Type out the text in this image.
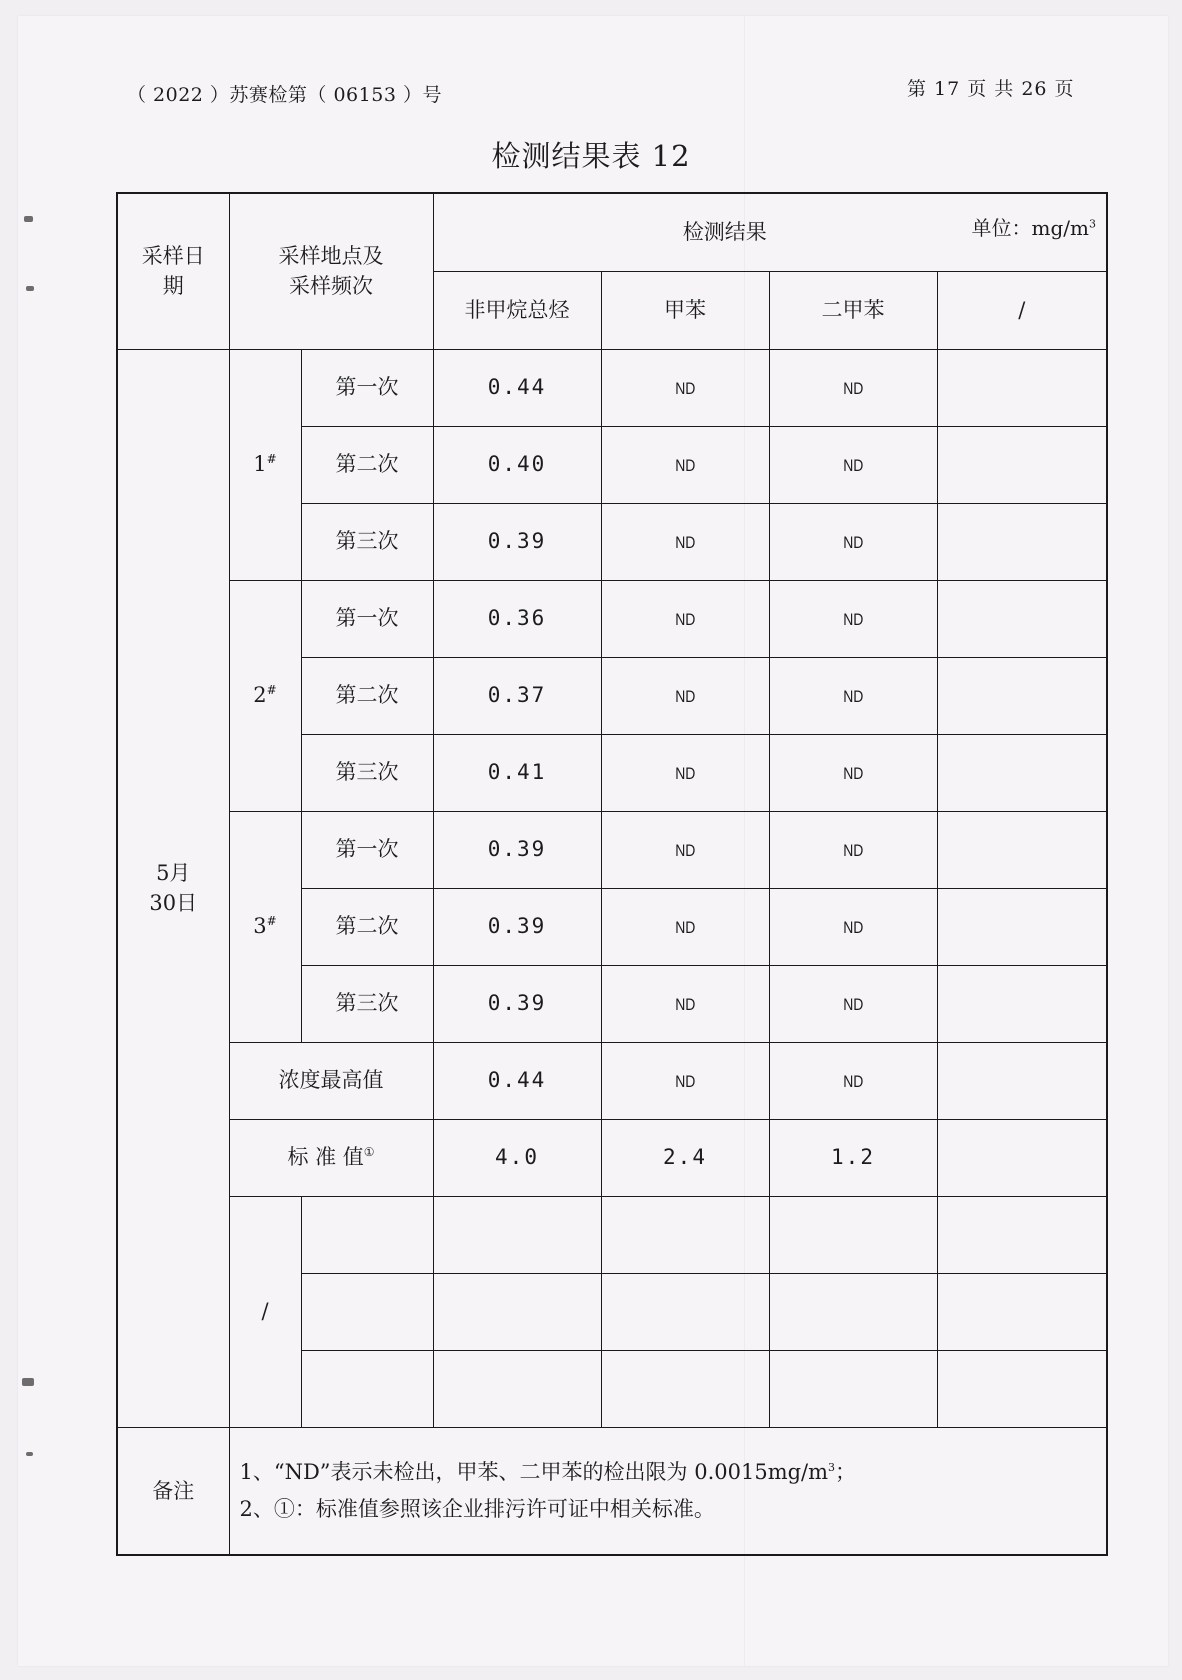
（ 2022 ）苏赛检第（ 06153 ）号	第 17 页 共 26 页
检测结果表 12
采样日期	采样地点及采样频次		检测结果 单位：$mg/m^3$

			非甲烷总烃	甲苯	二甲苯	/
5月30日	1#	第一次	0.44	ND	ND	
		第二次	0.40	ND	ND	
		第三次	0.39	ND	ND	
	2#	第一次	0.36	ND	ND	
		第二次	0.37	ND	ND	
		第三次	0.41	ND	ND	
	3#	第一次	0.39	ND	ND	
		第二次	0.39	ND	ND	
		第三次	0.39	ND	ND	
	浓度最高值		0.44	ND	ND	
	标 准 值①		4.0	2.4	1.2	
	/					

备注	1、“ND”表示未检出，甲苯、二甲苯的检出限为 $0.0015mg/m^3$；
2、①：标准值参照该企业排污许可证中相关标准。					
